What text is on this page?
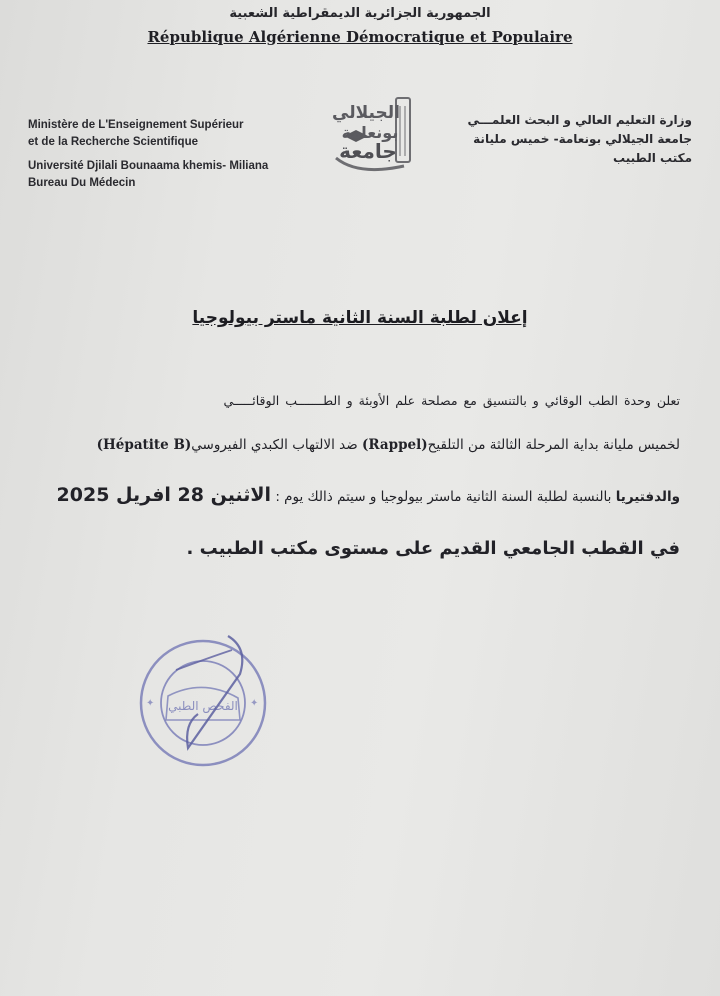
الجمهورية الجزائرية الديمقراطية الشعبية
République Algérienne Démocratique et Populaire
Ministère de L'Enseignement Supérieur
et de la Recherche Scientifique
Université Djilali Bounaama khemis- Miliana
Bureau Du Médecin
الجيلالي
بونعامة
جامعة
وزارة التعليم العالي و البحث العلمـــي
جامعة الجيلالي بونعامة- خميس مليانة
مكتب الطبيب
إعلان لطلبة السنة الثانية ماستر بيولوجيا
تعلن وحدة الطب الوقائي و بالتنسيق مع مصلحة علم الأوبئة و الطـــــــب الوقائـــــي
لخميس مليانة بداية المرحلة الثالثة من التلقيح(Rappel) ضد الالتهاب الكبدي الفيروسي(Hépatite B)
والدفتيريا بالنسبة لطلبة السنة الثانية ماستر بيولوجيا و سيتم ذالك يوم : الاثنين 28 افريل 2025
في القطب الجامعي القديم على مستوى مكتب الطبيب .
الفحص الطبي
✦	✦
